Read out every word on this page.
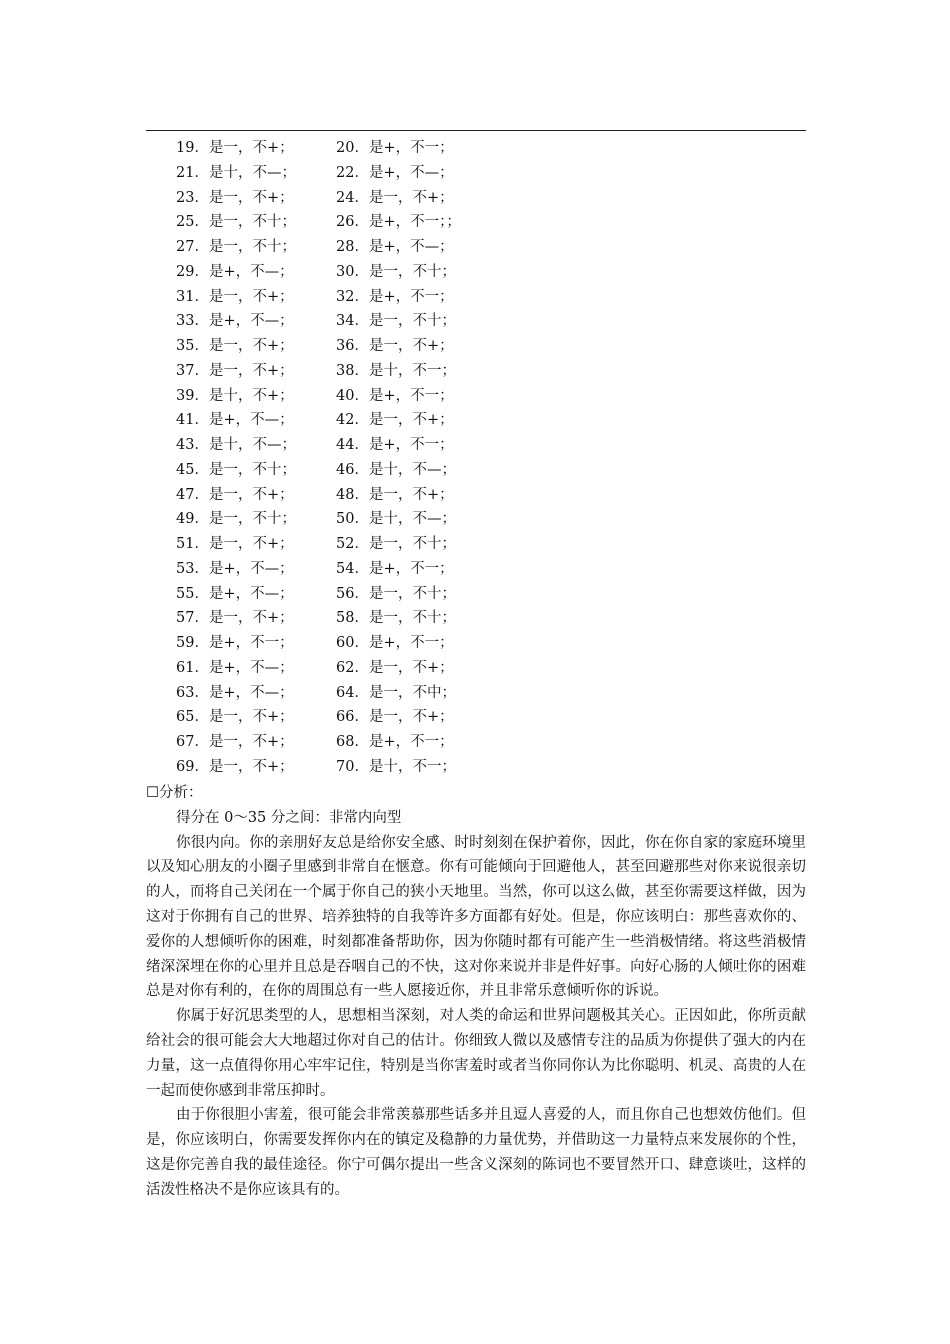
19．是一，不+；	20．是+，不一；
21．是十，不—；	22．是+，不—；
23．是一，不+；	24．是一，不+；
25．是一，不十；	26．是+，不一；；
27．是一，不十；	28．是+，不—；
29．是+，不—；	30．是一，不十；
31．是一，不+；	32．是+，不一；
33．是+，不—；	34．是一，不十；
35．是一，不+；	36．是一，不+；
37．是一，不+；	38．是十，不一；
39．是十，不+；	40．是+，不一；
41．是+，不—；	42．是一，不+；
43．是十，不—；	44．是+，不一；
45．是一，不十；	46．是十，不—；
47．是一，不+；	48．是一，不+；
49．是一，不十；	50．是十，不—；
51．是一，不+；	52．是一，不十；
53．是+，不—；	54．是+，不一；
55．是+，不—；	56．是一，不十；
57．是一，不+；	58．是一，不十；
59．是+，不一；	60．是+，不一；
61．是+，不—；	62．是一，不+；
63．是+，不—；	64．是一，不中；
65．是一，不+；	66．是一，不+；
67．是一，不+；	68．是+，不一；
69．是一，不+；	70．是十，不一；
☐分析：
得分在 0～35 分之间：非常内向型

你很内向。你的亲朋好友总是给你安全感、时时刻刻在保护着你，因此，你在你自家的家庭环境里以及知心朋友的小圈子里感到非常自在惬意。你有可能倾向于回避他人，甚至回避那些对你来说很亲切的人，而将自己关闭在一个属于你自己的狭小天地里。当然，你可以这么做，甚至你需要这样做，因为这对于你拥有自己的世界、培养独特的自我等许多方面都有好处。但是，你应该明白：那些喜欢你的、爱你的人想倾听你的困难，时刻都准备帮助你，因为你随时都有可能产生一些消极情绪。将这些消极情绪深深埋在你的心里并且总是吞咽自己的不快，这对你来说并非是件好事。向好心肠的人倾吐你的困难总是对你有利的，在你的周围总有一些人愿接近你，并且非常乐意倾听你的诉说。

你属于好沉思类型的人，思想相当深刻，对人类的命运和世界问题极其关心。正因如此，你所贡献给社会的很可能会大大地超过你对自己的估计。你细致人微以及感情专注的品质为你提供了强大的内在力量，这一点值得你用心牢牢记住，特别是当你害羞时或者当你同你认为比你聪明、机灵、高贵的人在一起而使你感到非常压抑时。

由于你很胆小害羞，很可能会非常羡慕那些话多并且逗人喜爱的人，而且你自己也想效仿他们。但是，你应该明白，你需要发挥你内在的镇定及稳静的力量优势，并借助这一力量特点来发展你的个性，这是你完善自我的最佳途径。你宁可偶尔提出一些含义深刻的陈词也不要冒然开口、肆意谈吐，这样的活泼性格决不是你应该具有的。
